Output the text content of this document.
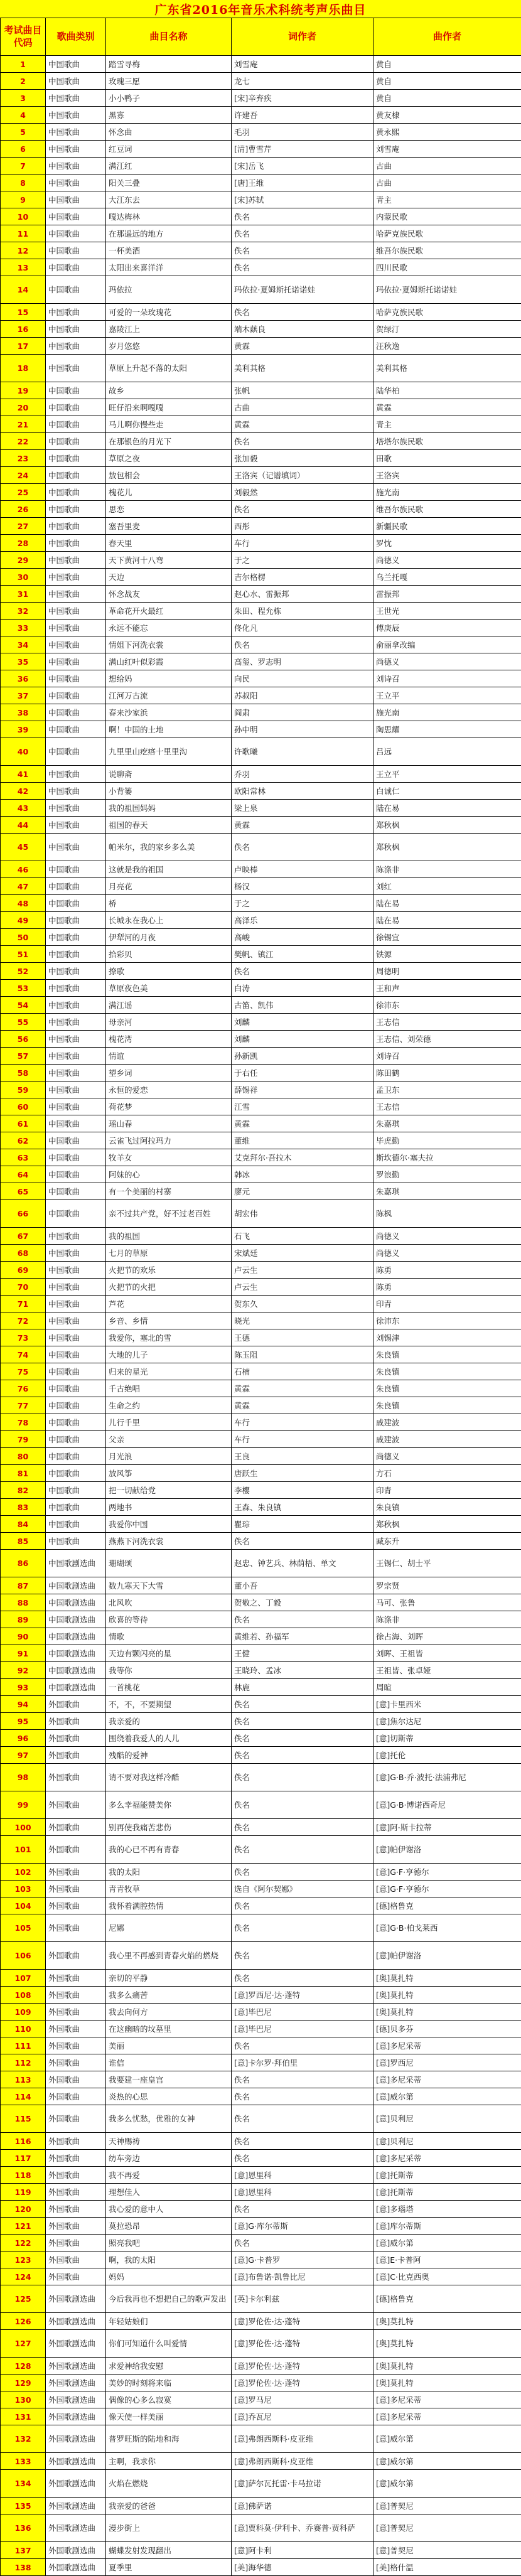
广东省2016年音乐术科统考声乐曲目
考试曲目代码	歌曲类别	曲目名称	词作者	曲作者
1	中国歌曲	踏雪寻梅	刘雪庵	黄自
2	中国歌曲	玫瑰三愿	龙七	黄自
3	中国歌曲	小小鸭子	[宋]辛弃疾	黄自
4	中国歌曲	黑寡	许建吾	黄友棣
5	中国歌曲	怀念曲	毛羽	黄永熙
6	中国歌曲	红豆词	[清]曹雪芹	刘雪庵
7	中国歌曲	满江红	[宋]岳飞	古曲
8	中国歌曲	阳关三叠	[唐]王维	古曲
9	中国歌曲	大江东去	[宋]苏轼	青主
10	中国歌曲	嘎达梅林	佚名	内蒙民歌
11	中国歌曲	在那遥远的地方	佚名	哈萨克族民歌
12	中国歌曲	一杯美酒	佚名	维吾尔族民歌
13	中国歌曲	太阳出来喜洋洋	佚名	四川民歌
14	中国歌曲	玛依拉	玛依拉·夏姆斯托诺诺娃	玛依拉·夏姆斯托诺诺娃
15	中国歌曲	可爱的一朵玫瑰花	佚名	哈萨克族民歌
16	中国歌曲	嘉陵江上	端木蕻良	贺绿汀
17	中国歌曲	岁月悠悠	黄霖	汪秋逸
18	中国歌曲	草原上升起不落的太阳	美利其格	美利其格
19	中国歌曲	故乡	张帆	陆华柏
20	中国歌曲	旺仔沿来啊嘎嘎	古曲	黄霖
21	中国歌曲	马儿啊你慢些走	黄霖	青主
22	中国歌曲	在那银色的月光下	佚名	塔塔尔族民歌
23	中国歌曲	草原之夜	张加毅	田歌
24	中国歌曲	敖包相会	王洛宾（记谱填词）	王洛宾
25	中国歌曲	槐花儿	刘毅然	施光南
26	中国歌曲	思恋	佚名	维吾尔族民歌
27	中国歌曲	塞吾里麦	西彤	新疆民歌
28	中国歌曲	春天里	车行	罗忱
29	中国歌曲	天下黄河十八弯	于之	尚德义
30	中国歌曲	天边	吉尔格楞	乌兰托嘎
31	中国歌曲	怀念战友	赵心水、雷振邦	雷振邦
32	中国歌曲	革命花开火最红	朱田、程允栋	王世光
33	中国歌曲	永远不能忘	佟化凡	傅庚辰
34	中国歌曲	情姐下河洗衣裳	佚名	俞丽拿改编
35	中国歌曲	满山红叶似彩霞	高玺、罗志明	尚德义
36	中国歌曲	想给妈	向民	刘诗召
37	中国歌曲	江河万古流	苏叔阳	王立平
38	中国歌曲	春来沙家浜	阎肃	施光南
39	中国歌曲	啊！中国的土地	孙中明	陶思耀
40	中国歌曲	九里里山疙瘩十里里沟	许歌曦	吕远
41	中国歌曲	说聊斋	乔羽	王立平
42	中国歌曲	小背篓	欧阳常林	白诚仁
43	中国歌曲	我的祖国妈妈	梁上泉	陆在易
44	中国歌曲	祖国的春天	黄霖	郑秋枫
45	中国歌曲	帕米尔，我的家乡多么美	佚名	郑秋枫
46	中国歌曲	这就是我的祖国	卢映棒	陈涤非
47	中国歌曲	月亮花	杨汉	刘红
48	中国歌曲	桥	于之	陆在易
49	中国歌曲	长城永在我心上	高泽乐	陆在易
50	中国歌曲	伊犁河的月夜	高峻	徐锡宜
51	中国歌曲	拾彩贝	樊帆、镇江	铁源
52	中国歌曲	撩歌	佚名	周德明
53	中国歌曲	草原夜色美	白涛	王和声
54	中国歌曲	满江谣	古笛、凯伟	徐沛东
55	中国歌曲	母亲河	刘麟	王志信
56	中国歌曲	槐花湾	刘麟	王志信、刘荣德
57	中国歌曲	情谊	孙新凯	刘诗召
58	中国歌曲	望乡词	于右任	陈田鹤
59	中国歌曲	永恒的爱恋	薛锡祥	孟卫东
60	中国歌曲	荷花梦	江雪	王志信
61	中国歌曲	瑶山春	黄霖	朱嘉琪
62	中国歌曲	云雀飞过阿拉玛力	董维	毕虎勤
63	中国歌曲	牧羊女	艾克拜尔·吾拉木	斯坎德尔·塞夫拉
64	中国歌曲	阿妹的心	韩冰	罗浪勤
65	中国歌曲	有一个美丽的村寨	廖元	朱嘉琪
66	中国歌曲	亲不过共产党，好不过老百姓	胡宏伟	陈枫
67	中国歌曲	我的祖国	石飞	尚德义
68	中国歌曲	七月的草原	宋斌廷	尚德义
69	中国歌曲	火把节的欢乐	卢云生	陈勇
70	中国歌曲	火把节的火把	卢云生	陈勇
71	中国歌曲	芦花	贺东久	印青
72	中国歌曲	乡音、乡情	晓光	徐沛东
73	中国歌曲	我爱你，塞北的雪	王德	刘锡津
74	中国歌曲	大地的儿子	陈玉阻	朱良镇
75	中国歌曲	归来的星光	石楠	朱良镇
76	中国歌曲	千古绝唱	黄霖	朱良镇
77	中国歌曲	生命之约	黄霖	朱良镇
78	中国歌曲	儿行千里	车行	戚建波
79	中国歌曲	父亲	车行	戚建波
80	中国歌曲	月光浪	王良	尚德义
81	中国歌曲	放风筝	唐跃生	方石
82	中国歌曲	把一切献给党	李樱	印青
83	中国歌曲	两地书	王森、朱良镇	朱良镇
84	中国歌曲	我爱你中国	瞿琮	郑秋枫
85	中国歌曲	燕燕下河洗衣裳	佚名	臧东升
86	中国歌剧选曲	珊瑚颂	赵忠、钟艺兵、林荫梧、单文	王锡仁、胡士平
87	中国歌剧选曲	数九寒天下大雪	董小吾	罗宗贤
88	中国歌剧选曲	北风吹	贺敬之、丁毅	马可、张鲁
89	中国歌剧选曲	欣喜的等待	佚名	陈涤非
90	中国歌剧选曲	情歌	黄维若、孙福军	徐占海、刘晖
91	中国歌剧选曲	天边有颗闪亮的星	王健	刘晖、王祖皆
92	中国歌剧选曲	我等你	王晓玲、孟冰	王祖皆、张卓娅
93	中国歌剧选曲	一首桃花	林鹿	周暄
94	外国歌曲	不，不，不要期望	佚名	[意]卡里西米
95	外国歌曲	我亲爱的	佚名	[意]焦尔达尼
96	外国歌曲	围绕着我爱人的人儿	佚名	[意]切斯蒂
97	外国歌曲	残酷的爱神	佚名	[意]托伦
98	外国歌曲	请不要对我这样冷酷	佚名	[意]G·B·乔·波托·法浦弗尼
99	外国歌曲	多么幸福能赞美你	佚名	[意]G·B·博诺西奇尼
100	外国歌曲	别再使我痛苦悲伤	佚名	[意]阿·斯卡拉蒂
101	外国歌曲	我的心已不再有青春	佚名	[意]帕伊谢洛
102	外国歌曲	我的太阳	佚名	[意]G·F·亨德尔
103	外国歌曲	青青牧草	选自《阿尔契娜》	[意]G·F·亨德尔
104	外国歌曲	我怀着满腔热情	佚名	[德]格鲁克
105	外国歌曲	尼娜	佚名	[意]G·B·柏戈莱西
106	外国歌曲	我心里不再感到青春火焰的燃烧	佚名	[意]帕伊谢洛
107	外国歌曲	亲切的平静	佚名	[奥]莫扎特
108	外国歌曲	我多么痛苦	[意]罗西尼·达·蓬特	[奥]莫扎特
109	外国歌曲	我去向何方	[意]毕巴尼	[奥]莫扎特
110	外国歌曲	在这幽暗的坟墓里	[意]毕巴尼	[德]贝多芬
111	外国歌曲	美丽	佚名	[意]多尼采蒂
112	外国歌曲	谁信	[意]卡尔罗·拜伯里	[意]罗西尼
113	外国歌曲	我要建一座皇宫	佚名	[意]多尼采蒂
114	外国歌曲	炎热的心思	佚名	[意]威尔第
115	外国歌曲	我多么忧愁，优雅的女神	佚名	[意]贝利尼
116	外国歌曲	天神赐祷	佚名	[意]贝利尼
117	外国歌曲	纺车旁边	佚名	[意]多尼采蒂
118	外国歌曲	我不再爱	[意]恩里科	[意]托斯蒂
119	外国歌曲	理想佳人	[意]恩里科	[意]托斯蒂
120	外国歌曲	我心爱的意中人	佚名	[意]多瑙塔
121	外国歌曲	莫拉恐昂	[意]G·库尔蒂斯	[意]库尔蒂斯
122	外国歌曲	照亮我吧	佚名	[意]威尔第
123	外国歌曲	啊，我的太阳	[意]G·卡普罗	[意]E·卡普阿
124	外国歌曲	妈妈	[意]布鲁诺·凯鲁比尼	[意]C·比克西奥
125	外国歌剧选曲	今后我再也不想把自己的歌声发出	[英]卡尔利兹	[德]格鲁克
126	外国歌剧选曲	年轻姑娘们	[意]罗伦佐·达·蓬特	[奥]莫扎特
127	外国歌剧选曲	你们可知道什么叫爱情	[意]罗伦佐·达·蓬特	[奥]莫扎特
128	外国歌剧选曲	求爱神给我安慰	[意]罗伦佐·达·蓬特	[奥]莫扎特
129	外国歌剧选曲	美妙的时刻将来临	[意]罗伦佐·达·蓬特	[奥]莫扎特
130	外国歌剧选曲	偶像的心多么寂寞	[意]罗马尼	[意]多尼采蒂
131	外国歌剧选曲	像天使一样美丽	[意]乔瓦尼	[意]多尼采蒂
132	外国歌剧选曲	普罗旺斯的陆地和海	[意]弗朗西斯科·皮亚维	[意]威尔第
133	外国歌剧选曲	主啊，我求你	[意]弗朗西斯科·皮亚维	[意]威尔第
134	外国歌剧选曲	火焰在燃烧	[意]萨尔瓦托雷·卡马拉诺	[意]威尔第
135	外国歌剧选曲	我亲爱的爸爸	[意]佛萨诺	[意]普契尼
136	外国歌剧选曲	漫步街上	[意]贾科莫·伊利卡、乔赛普·贾科萨	[意]普契尼
137	外国歌剧选曲	蝴蝶发射发现翻出	[意]阿卡利	[意]普契尼
138	外国歌剧选曲	夏季里	[美]海华德	[美]格什温
